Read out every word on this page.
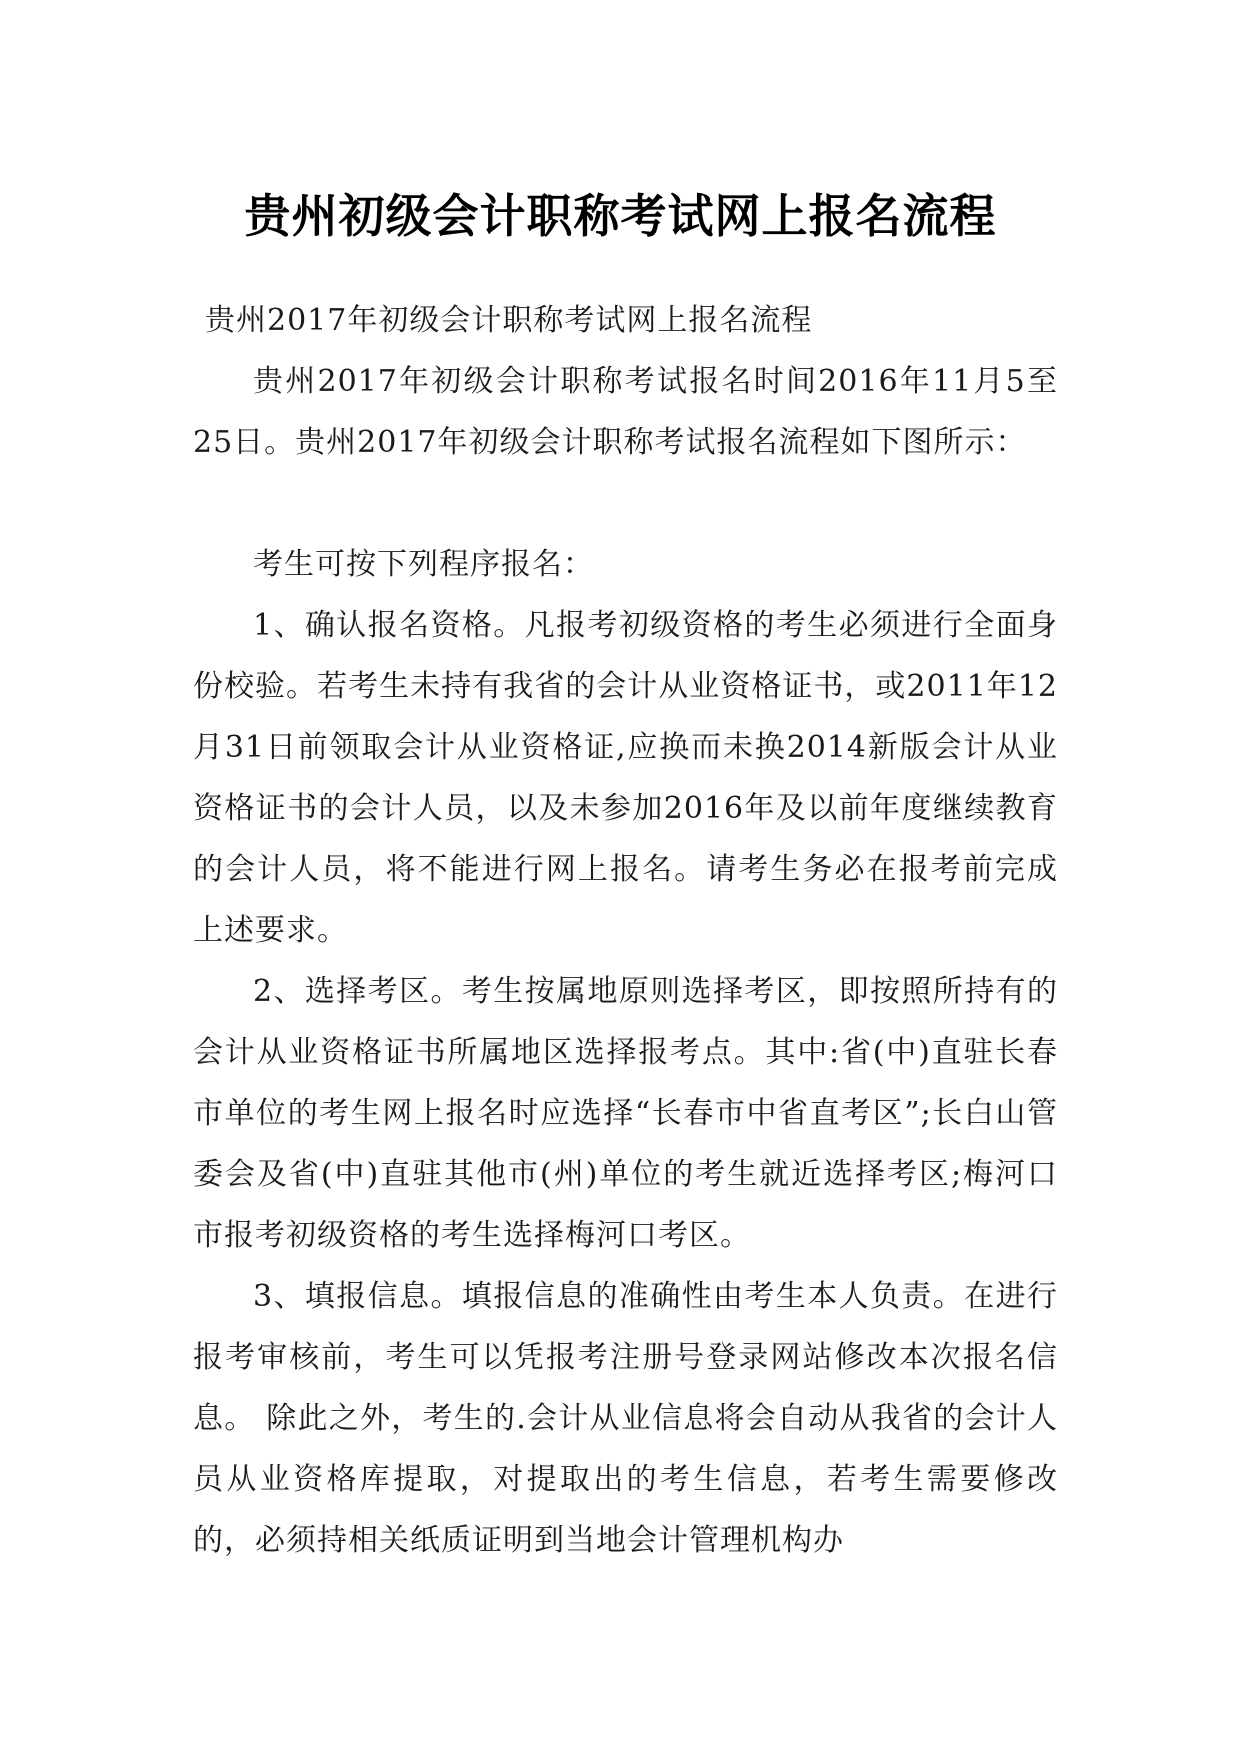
贵州初级会计职称考试网上报名流程

贵州2017年初级会计职称考试网上报名流程

贵州2017年初级会计职称考试报名时间2016年11月5至25日。贵州2017年初级会计职称考试报名流程如下图所示：

考生可按下列程序报名：

1、确认报名资格。凡报考初级资格的考生必须进行全面身份校验。若考生未持有我省的会计从业资格证书，或2011年12月31日前领取会计从业资格证,应换而未换2014新版会计从业资格证书的会计人员，以及未参加2016年及以前年度继续教育的会计人员，将不能进行网上报名。请考生务必在报考前完成上述要求。

2、选择考区。考生按属地原则选择考区，即按照所持有的会计从业资格证书所属地区选择报考点。其中:省(中)直驻长春市单位的考生网上报名时应选择“长春市中省直考区”;长白山管委会及省(中)直驻其他市(州)单位的考生就近选择考区;梅河口市报考初级资格的考生选择梅河口考区。

3、填报信息。填报信息的准确性由考生本人负责。在进行报考审核前，考生可以凭报考注册号登录网站修改本次报名信息。 除此之外，考生的.会计从业信息将会自动从我省的会计人员从业资格库提取，对提取出的考生信息，若考生需要修改的，必须持相关纸质证明到当地会计管理机构办
